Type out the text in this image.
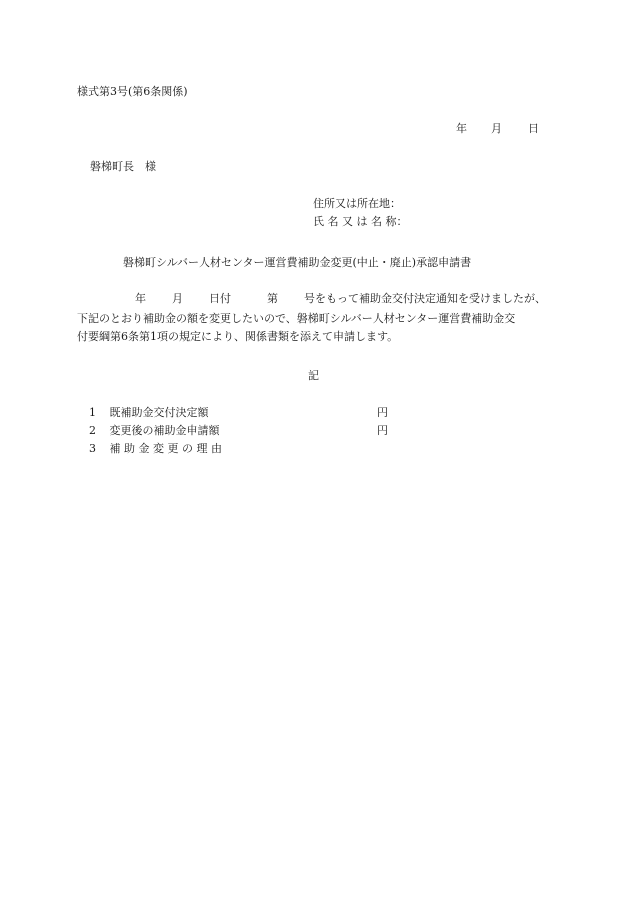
様式第3号(第6条関係)
年 月 日
磐梯町長　様
住所又は所在地：
氏 名 又 は 名 称：
磐梯町シルバー人材センター運営費補助金変更(中止・廃止)承認申請書
年 月 日付	第 号をもって補助金交付決定通知を受けましたが、
下記のとおり補助金の額を変更したいので、磐梯町シルバー人材センター運営費補助金交
付要綱第6条第1項の規定により、関係書類を添えて申請します。
記
1 既補助金交付決定額	円
2 変更後の補助金申請額	円
3 補 助 金 変 更 の 理 由
